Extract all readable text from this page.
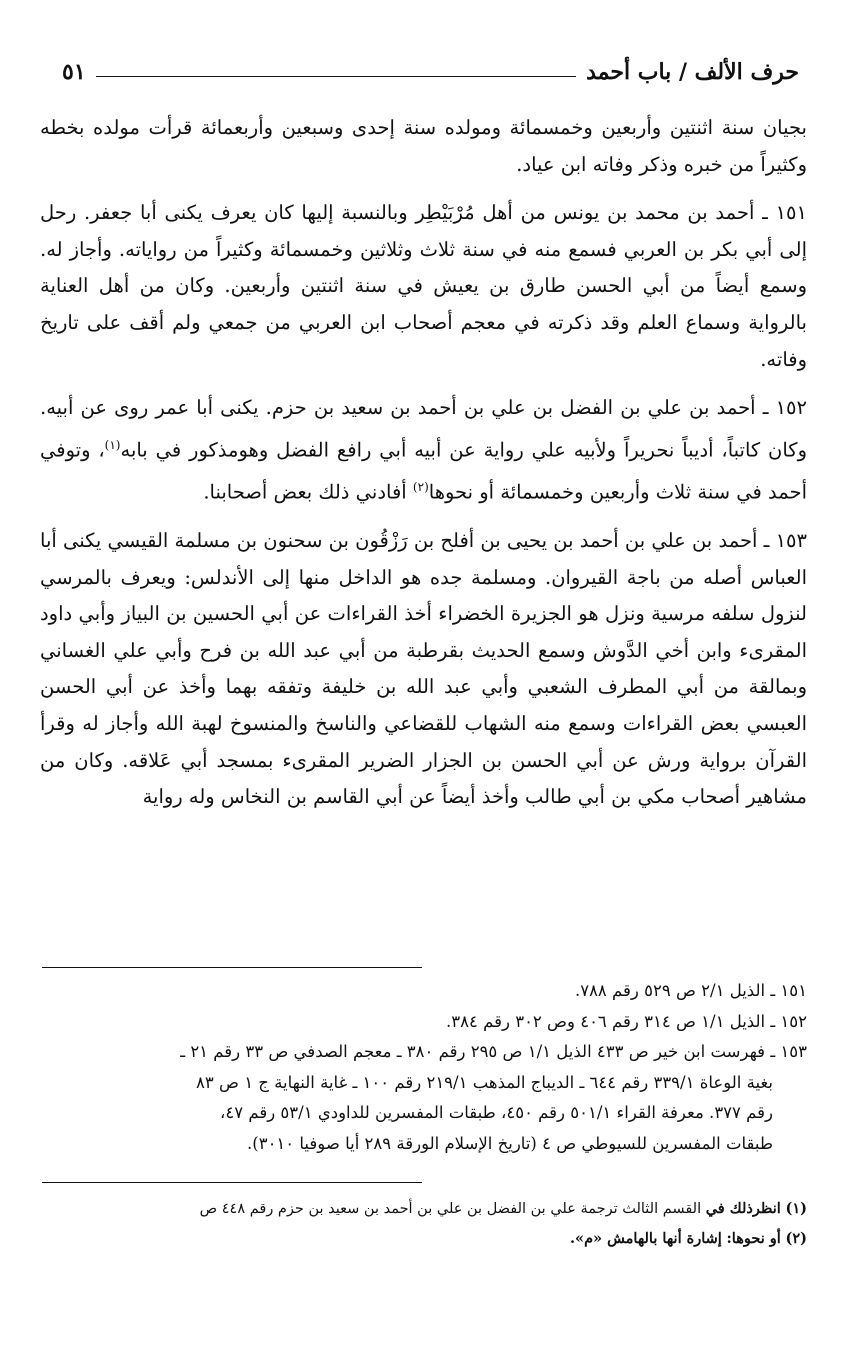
حرف الألف / باب أحمد
٥١

بجيان سنة اثنتين وأربعين وخمسمائة ومولده سنة إحدى وسبعين وأربعمائة قرأت مولده بخطه وكثيراً من خبره وذكر وفاته ابن عياد.

١٥١ ـ أحمد بن محمد بن يونس من أهل مُرْبَيْطِر وبالنسبة إليها كان يعرف يكنى أبا جعفر. رحل إلى أبي بكر بن العربي فسمع منه في سنة ثلاث وثلاثين وخمسمائة وكثيراً من رواياته. وأجاز له. وسمع أيضاً من أبي الحسن طارق بن يعيش في سنة اثنتين وأربعين. وكان من أهل العناية بالرواية وسماع العلم وقد ذكرته في معجم أصحاب ابن العربي من جمعي ولم أقف على تاريخ وفاته.

١٥٢ ـ أحمد بن علي بن الفضل بن علي بن أحمد بن سعيد بن حزم. يكنى أبا عمر روى عن أبيه. وكان كاتباً، أديباً نحريراً ولأبيه علي رواية عن أبيه أبي رافع الفضل وهومذكور في بابه$^{(١)}$، وتوفي أحمد في سنة ثلاث وأربعين وخمسمائة أو نحوها$^{(٢)}$ أفادني ذلك بعض أصحابنا.

١٥٣ ـ أحمد بن علي بن أحمد بن يحيى بن أفلح بن رَزْقُون بن سحنون بن مسلمة القيسي يكنى أبا العباس أصله من باجة القيروان. ومسلمة جده هو الداخل منها إلى الأندلس: ويعرف بالمرسي لنزول سلفه مرسية ونزل هو الجزيرة الخضراء أخذ القراءات عن أبي الحسين بن البياز وأبي داود المقرىء وابن أخي الدَّوش وسمع الحديث بقرطبة من أبي عبد الله بن فرح وأبي علي الغساني وبمالقة من أبي المطرف الشعبي وأبي عبد الله بن خليفة وتفقه بهما وأخذ عن أبي الحسن العبسي بعض القراءات وسمع منه الشهاب للقضاعي والناسخ والمنسوخ لهبة الله وأجاز له وقرأ القرآن برواية ورش عن أبي الحسن بن الجزار الضرير المقرىء بمسجد أبي عَلاقه. وكان من مشاهير أصحاب مكي بن أبي طالب وأخذ أيضاً عن أبي القاسم بن النخاس وله رواية

١٥١ ـ الذيل ٢/١ ص ٥٢٩ رقم ٧٨٨.

١٥٢ ـ الذيل ١/١ ص ٣١٤ رقم ٤٠٦ وص ٣٠٢ رقم ٣٨٤.

١٥٣ ـ فهرست ابن خير ص ٤٣٣ الذيل ١/١ ص ٢٩٥ رقم ٣٨٠ ـ معجم الصدفي ص ٣٣ رقم ٢١ ـ

بغية الوعاة ٣٣٩/١ رقم ٦٤٤ ـ الديباج المذهب ٢١٩/١ رقم ١٠٠ ـ غاية النهاية ج ١ ص ٨٣

رقم ٣٧٧. معرفة القراء ٥٠١/١ رقم ٤٥٠، طبقات المفسرين للداودي ٥٣/١ رقم ٤٧،

طبقات المفسرين للسيوطي ص ٤ (تاريخ الإسلام الورقة ٢٨٩ أيا صوفيا ٣٠١٠).

(١) انظرذلك في القسم الثالث ترجمة علي بن الفضل بن علي بن أحمد بن سعيد بن حزم رقم ٤٤٨ ص

(٢) أو نحوها: إشارة أنها بالهامش «م».
